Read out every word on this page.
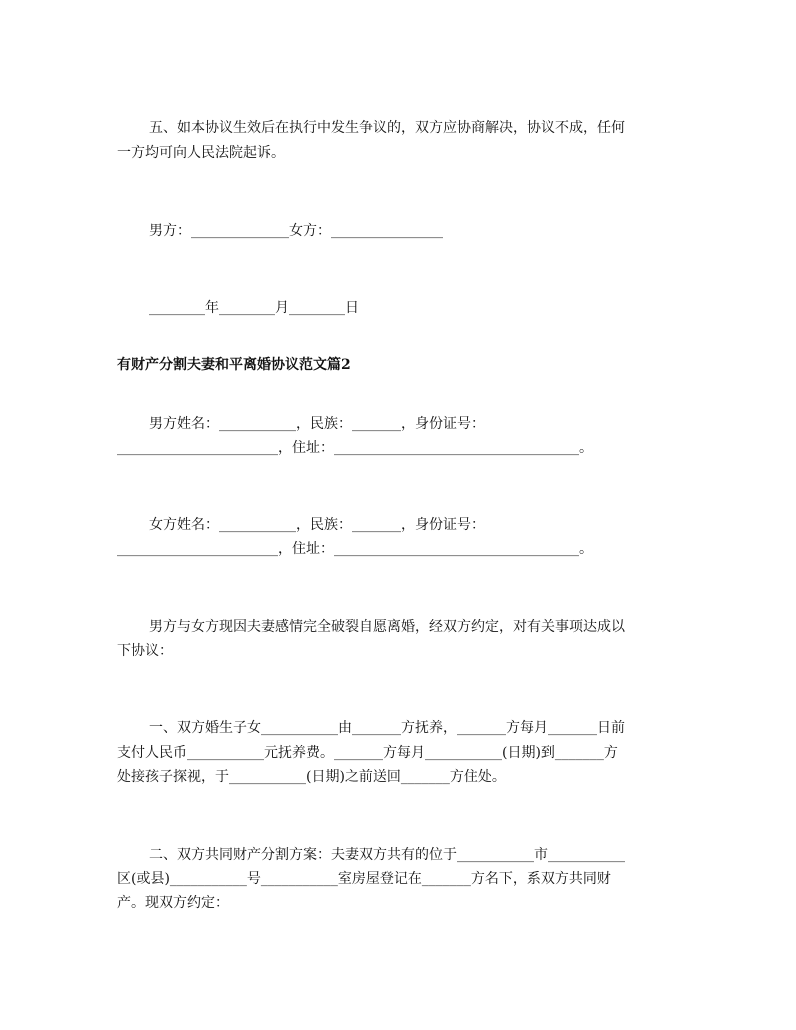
五、如本协议生效后在执行中发生争议的，双方应协商解决，协议不成，任何
一方均可向人民法院起诉。
男方：______________女方：________________
________年________月________日
有财产分割夫妻和平离婚协议范文篇2
男方姓名：___________，民族：_______，身份证号：
_______________________，住址：___________________________________。
女方姓名：___________，民族：_______，身份证号：
_______________________，住址：___________________________________。
男方与女方现因夫妻感情完全破裂自愿离婚，经双方约定，对有关事项达成以
下协议：
一、双方婚生子女___________由_______方抚养，_______方每月_______日前
支付人民币___________元抚养费。_______方每月___________(日期)到_______方
处接孩子探视，于___________(日期)之前送回_______方住处。
二、双方共同财产分割方案：夫妻双方共有的位于___________市___________
区(或县)___________号___________室房屋登记在_______方名下，系双方共同财
产。现双方约定：
